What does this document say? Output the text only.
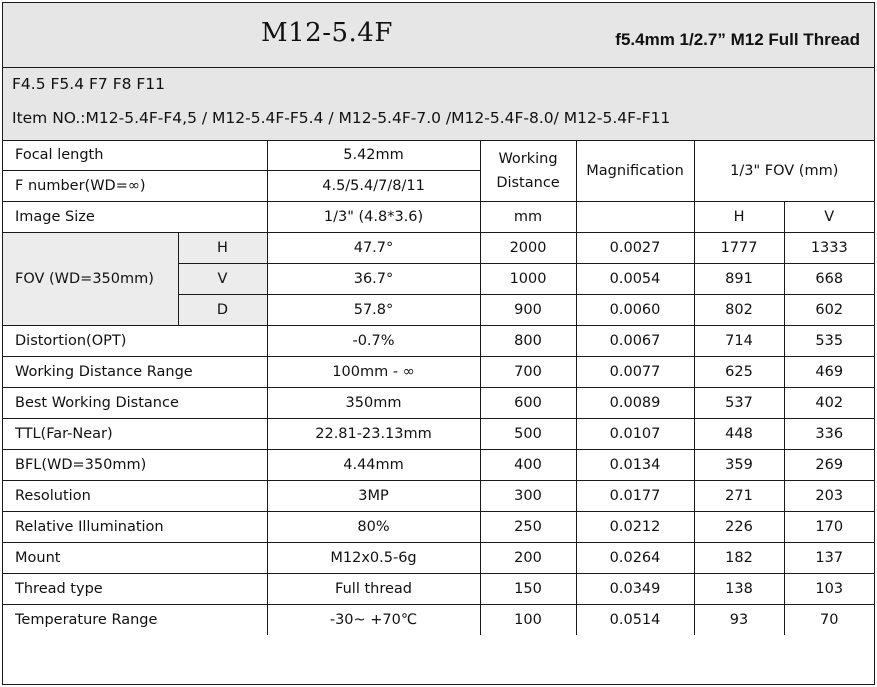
M12-5.4F	f5.4mm 1/2.7” M12 Full Thread
F4.5 F5.4 F7 F8 F11
Item NO.:M12-5.4F-F4,5 / M12-5.4F-F5.4 / M12-5.4F-7.0 /M12-5.4F-8.0/ M12-5.4F-F11
Focal length		5.42mm	Working Distance	Magnification	1/3" FOV (mm)	
F number(WD=∞)		4.5/5.4/7/8/11				
Image Size		1/3" (4.8*3.6)	mm		H	V
FOV (WD=350mm)	H	47.7°	2000	0.0027	1777	1333
	V	36.7°	1000	0.0054	891	668
	D	57.8°	900	0.0060	802	602
Distortion(OPT)		-0.7%	800	0.0067	714	535
Working Distance Range		100mm - ∞	700	0.0077	625	469
Best Working Distance		350mm	600	0.0089	537	402
TTL(Far-Near)		22.81-23.13mm	500	0.0107	448	336
BFL(WD=350mm)		4.44mm	400	0.0134	359	269
Resolution		3MP	300	0.0177	271	203
Relative Illumination		80%	250	0.0212	226	170
Mount		M12x0.5-6g	200	0.0264	182	137
Thread type		Full thread	150	0.0349	138	103
Temperature Range		-30~ +70℃	100	0.0514	93	70
